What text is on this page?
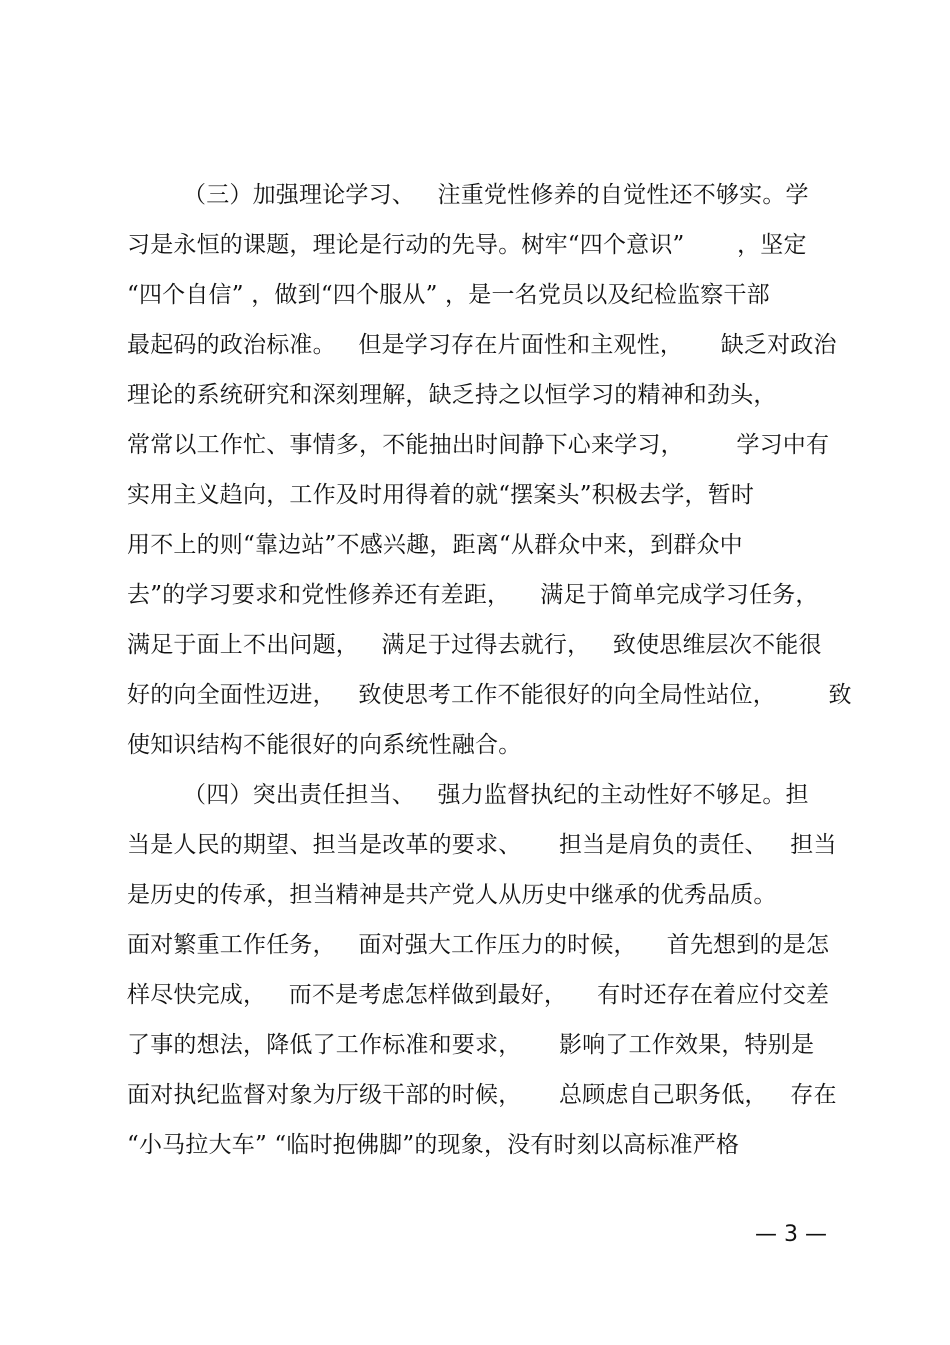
（三）加强理论学习、   注重党性修养的自觉性还不够实。学
习是永恒的课题，理论是行动的先导。树牢“四个意识”       ，坚定
“四个自信” ，做到“四个服从” ，是一名党员以及纪检监察干部
最起码的政治标准。   但是学习存在片面性和主观性，     缺乏对政治
理论的系统研究和深刻理解，缺乏持之以恒学习的精神和劲头，
常常以工作忙、事情多，不能抽出时间静下心来学习，       学习中有
实用主义趋向，工作及时用得着的就“摆案头”积极去学，暂时
用不上的则“靠边站”不感兴趣，距离“从群众中来，到群众中
去”的学习要求和党性修养还有差距，    满足于简单完成学习任务，
满足于面上不出问题，   满足于过得去就行，   致使思维层次不能很
好的向全面性迈进，   致使思考工作不能很好的向全局性站位，       致
使知识结构不能很好的向系统性融合。
（四）突出责任担当、   强力监督执纪的主动性好不够足。担
当是人民的期望、担当是改革的要求、     担当是肩负的责任、   担当
是历史的传承，担当精神是共产党人从历史中继承的优秀品质。
面对繁重工作任务，   面对强大工作压力的时候，    首先想到的是怎
样尽快完成，   而不是考虑怎样做到最好，    有时还存在着应付交差
了事的想法，降低了工作标准和要求，     影响了工作效果，特别是
面对执纪监督对象为厅级干部的时候，     总顾虑自己职务低，   存在
“小马拉大车” “临时抱佛脚”的现象，没有时刻以高标准严格
— 3 —
